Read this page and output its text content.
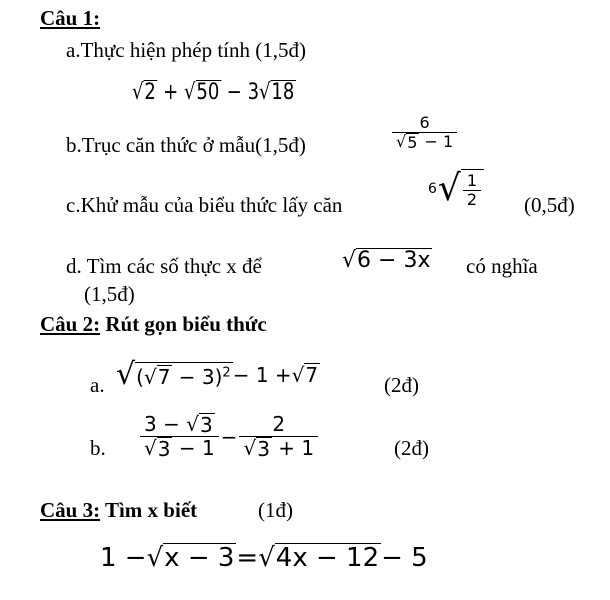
Câu 1:
a.Thực hiện phép tính (1,5đ)
√ 2 + √ 50 − 3 √ 18
b.Trục căn thức ở mẫu(1,5đ)	$\frac{6}{√ 5 - 1}$
c.Khử mẫu của biểu thức lấy căn
6 √ $\frac{1}{2}$ (0,5đ)
d. Tìm các số thực x để	√ 6 − 3x có nghĩa
(1,5đ)
Câu 2: Rút gọn biểu thức
a. √ ( √ 7 − 3)$^2$ − 1 + √ 7	(2đ)
b. $\frac{3 - √ 3}{√ 3 - 1} - \frac{2}{√ 3 + 1}$	(2đ)
Câu 3: Tìm x biết	(1đ)
1 − √ x − 3 = √ 4x − 12 − 5
